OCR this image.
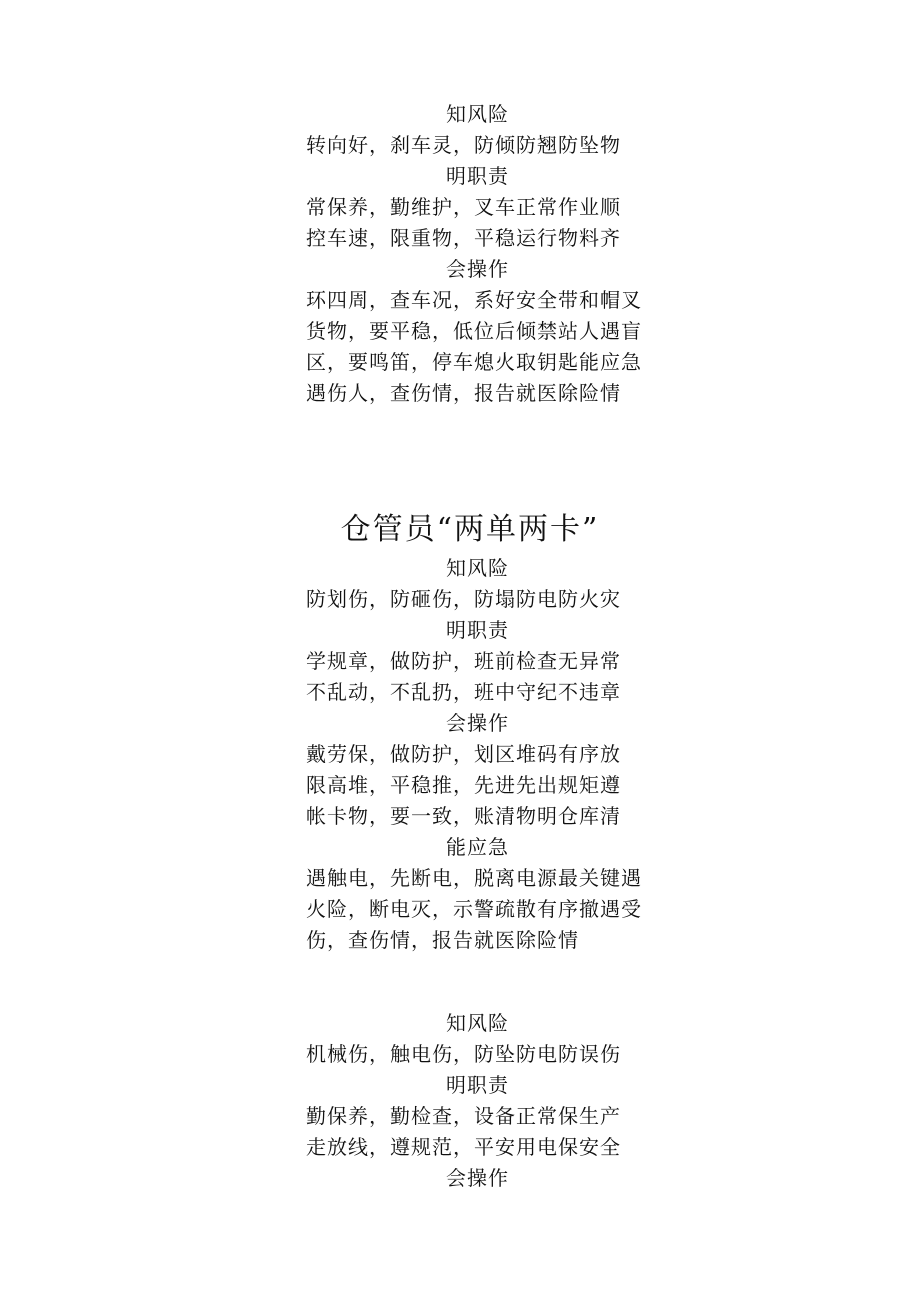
知风险
转向好，刹车灵，防倾防翘防坠物
明职责
常保养，勤维护，叉车正常作业顺
控车速，限重物，平稳运行物料齐
会操作
环四周，查车况，系好安全带和帽叉
货物，要平稳，低位后倾禁站人遇盲
区，要鸣笛，停车熄火取钥匙能应急
遇伤人，查伤情，报告就医除险情
仓管员“两单两卡”
知风险
防划伤，防砸伤，防塌防电防火灾
明职责
学规章，做防护，班前检查无异常
不乱动，不乱扔，班中守纪不违章
会操作
戴劳保，做防护，划区堆码有序放
限高堆，平稳推，先进先出规矩遵
帐卡物，要一致，账清物明仓库清
能应急
遇触电，先断电，脱离电源最关键遇
火险，断电灭，示警疏散有序撤遇受
伤，查伤情，报告就医除险情
知风险
机械伤，触电伤，防坠防电防误伤
明职责
勤保养，勤检查，设备正常保生产
走放线，遵规范，平安用电保安全
会操作
